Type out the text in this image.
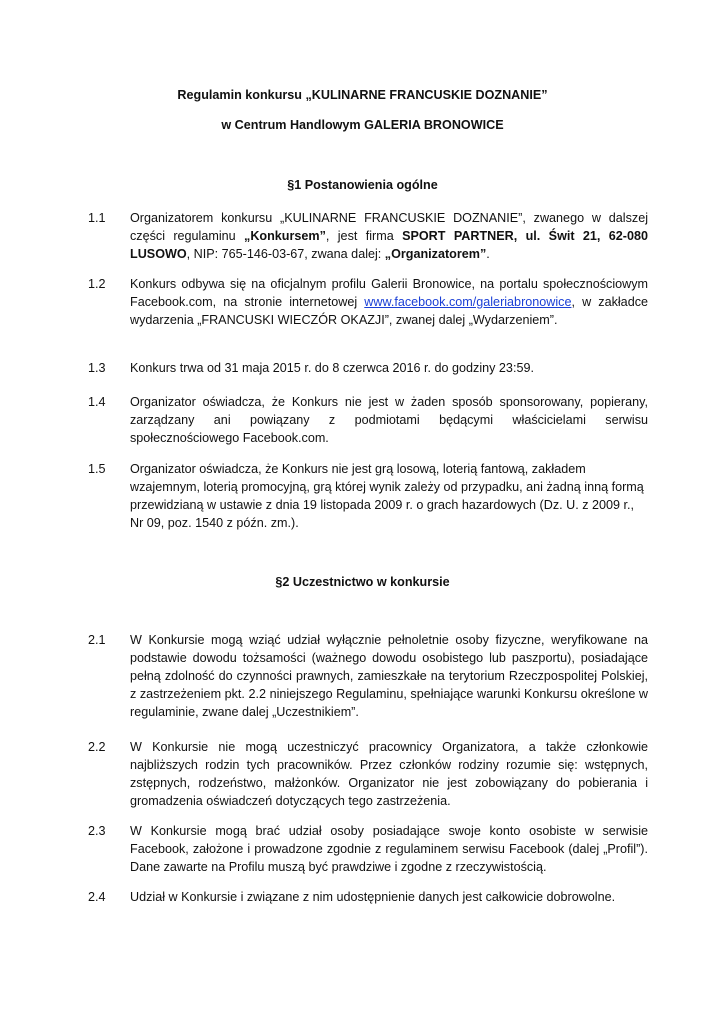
Regulamin konkursu „KULINARNE FRANCUSKIE DOZNANIE”
w Centrum Handlowym GALERIA BRONOWICE
§1 Postanowienia ogólne
1.1	Organizatorem konkursu „KULINARNE FRANCUSKIE DOZNANIE”, zwanego w dalszej części regulaminu „Konkursem”, jest firma SPORT PARTNER, ul. Świt 21, 62-080 LUSOWO, NIP: 765-146-03-67, zwana dalej: „Organizatorem”.
1.2	Konkurs odbywa się na oficjalnym profilu Galerii Bronowice, na portalu społecznościowym Facebook.com, na stronie internetowej www.facebook.com/galeriabronowice, w zakładce wydarzenia „FRANCUSKI WIECZÓR OKAZJI”, zwanej dalej „Wydarzeniem”.
1.3	Konkurs trwa od 31 maja 2015 r. do 8 czerwca 2016 r. do godziny 23:59.
1.4	Organizator oświadcza, że Konkurs nie jest w żaden sposób sponsorowany, popierany, zarządzany ani powiązany z podmiotami będącymi właścicielami serwisu społecznościowego Facebook.com.
1.5	Organizator oświadcza, że Konkurs nie jest grą losową, loterią fantową, zakładem wzajemnym, loterią promocyjną, grą której wynik zależy od przypadku, ani żadną inną formą przewidzianą w ustawie z dnia 19 listopada 2009 r. o grach hazardowych (Dz. U. z 2009 r., Nr 09, poz. 1540 z późn. zm.).
§2 Uczestnictwo w konkursie
2.1	W Konkursie mogą wziąć udział wyłącznie pełnoletnie osoby fizyczne, weryfikowane na podstawie dowodu tożsamości (ważnego dowodu osobistego lub paszportu), posiadające pełną zdolność do czynności prawnych, zamieszkałe na terytorium Rzeczpospolitej Polskiej, z zastrzeżeniem pkt. 2.2 niniejszego Regulaminu, spełniające warunki Konkursu określone w regulaminie, zwane dalej „Uczestnikiem”.
2.2	W Konkursie nie mogą uczestniczyć pracownicy Organizatora, a także członkowie najbliższych rodzin tych pracowników. Przez członków rodziny rozumie się: wstępnych, zstępnych, rodzeństwo, małżonków. Organizator nie jest zobowiązany do pobierania i gromadzenia oświadczeń dotyczących tego zastrzeżenia.
2.3	W Konkursie mogą brać udział osoby posiadające swoje konto osobiste w serwisie Facebook, założone i prowadzone zgodnie z regulaminem serwisu Facebook (dalej „Profil”). Dane zawarte na Profilu muszą być prawdziwe i zgodne z rzeczywistością.
2.4	Udział w Konkursie i związane z nim udostępnienie danych jest całkowicie dobrowolne.
